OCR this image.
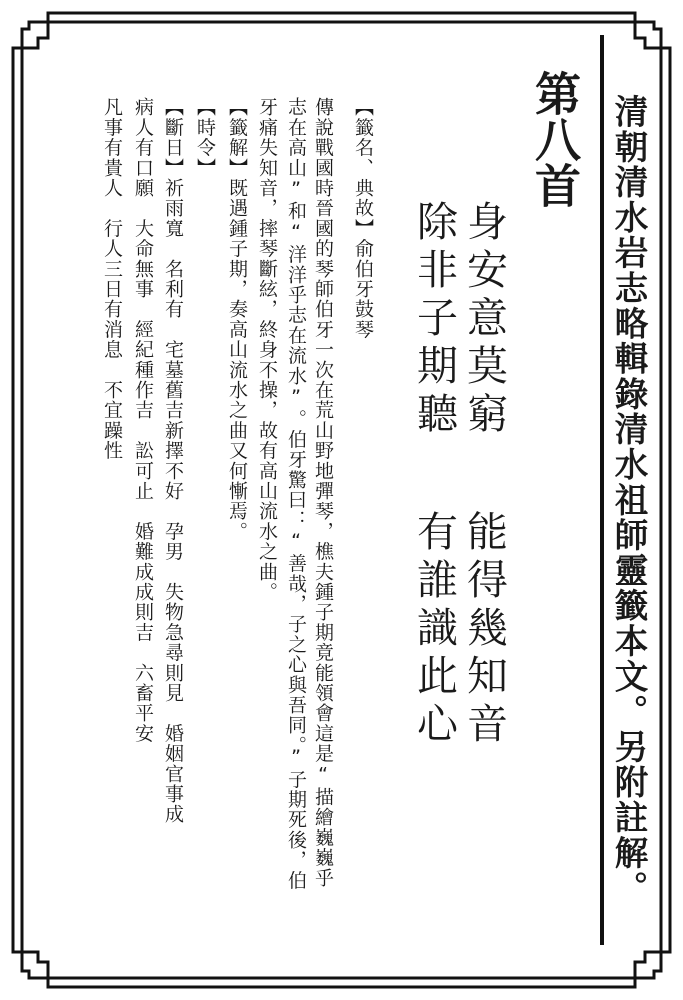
清朝清水岩志略輯錄清水祖師靈籤本文。另附註解。
第八首
身安意莫窮
除非子期聽
能得幾知音
有誰識此心
【籤名、典故】俞伯牙鼓琴
傳說戰國時晉國的琴師伯牙一次在荒山野地彈琴，樵夫鍾子期竟能領會這是“描繪巍巍乎
志在高山”和“洋洋乎志在流水”。伯牙驚曰：“善哉，子之心與吾同。”子期死後，伯
牙痛失知音，摔琴斷絃，終身不操，故有高山流水之曲。
【籤解】既遇鍾子期，奏高山流水之曲又何慚焉。
【時令】
【斷日】祈雨寬　名利有　宅墓舊吉新擇不好　孕男　失物急尋則見　婚姻官事成
病人有口願　大命無事　經紀種作吉　訟可止　婚難成成則吉　六畜平安
凡事有貴人　行人三日有消息　不宜躁性
